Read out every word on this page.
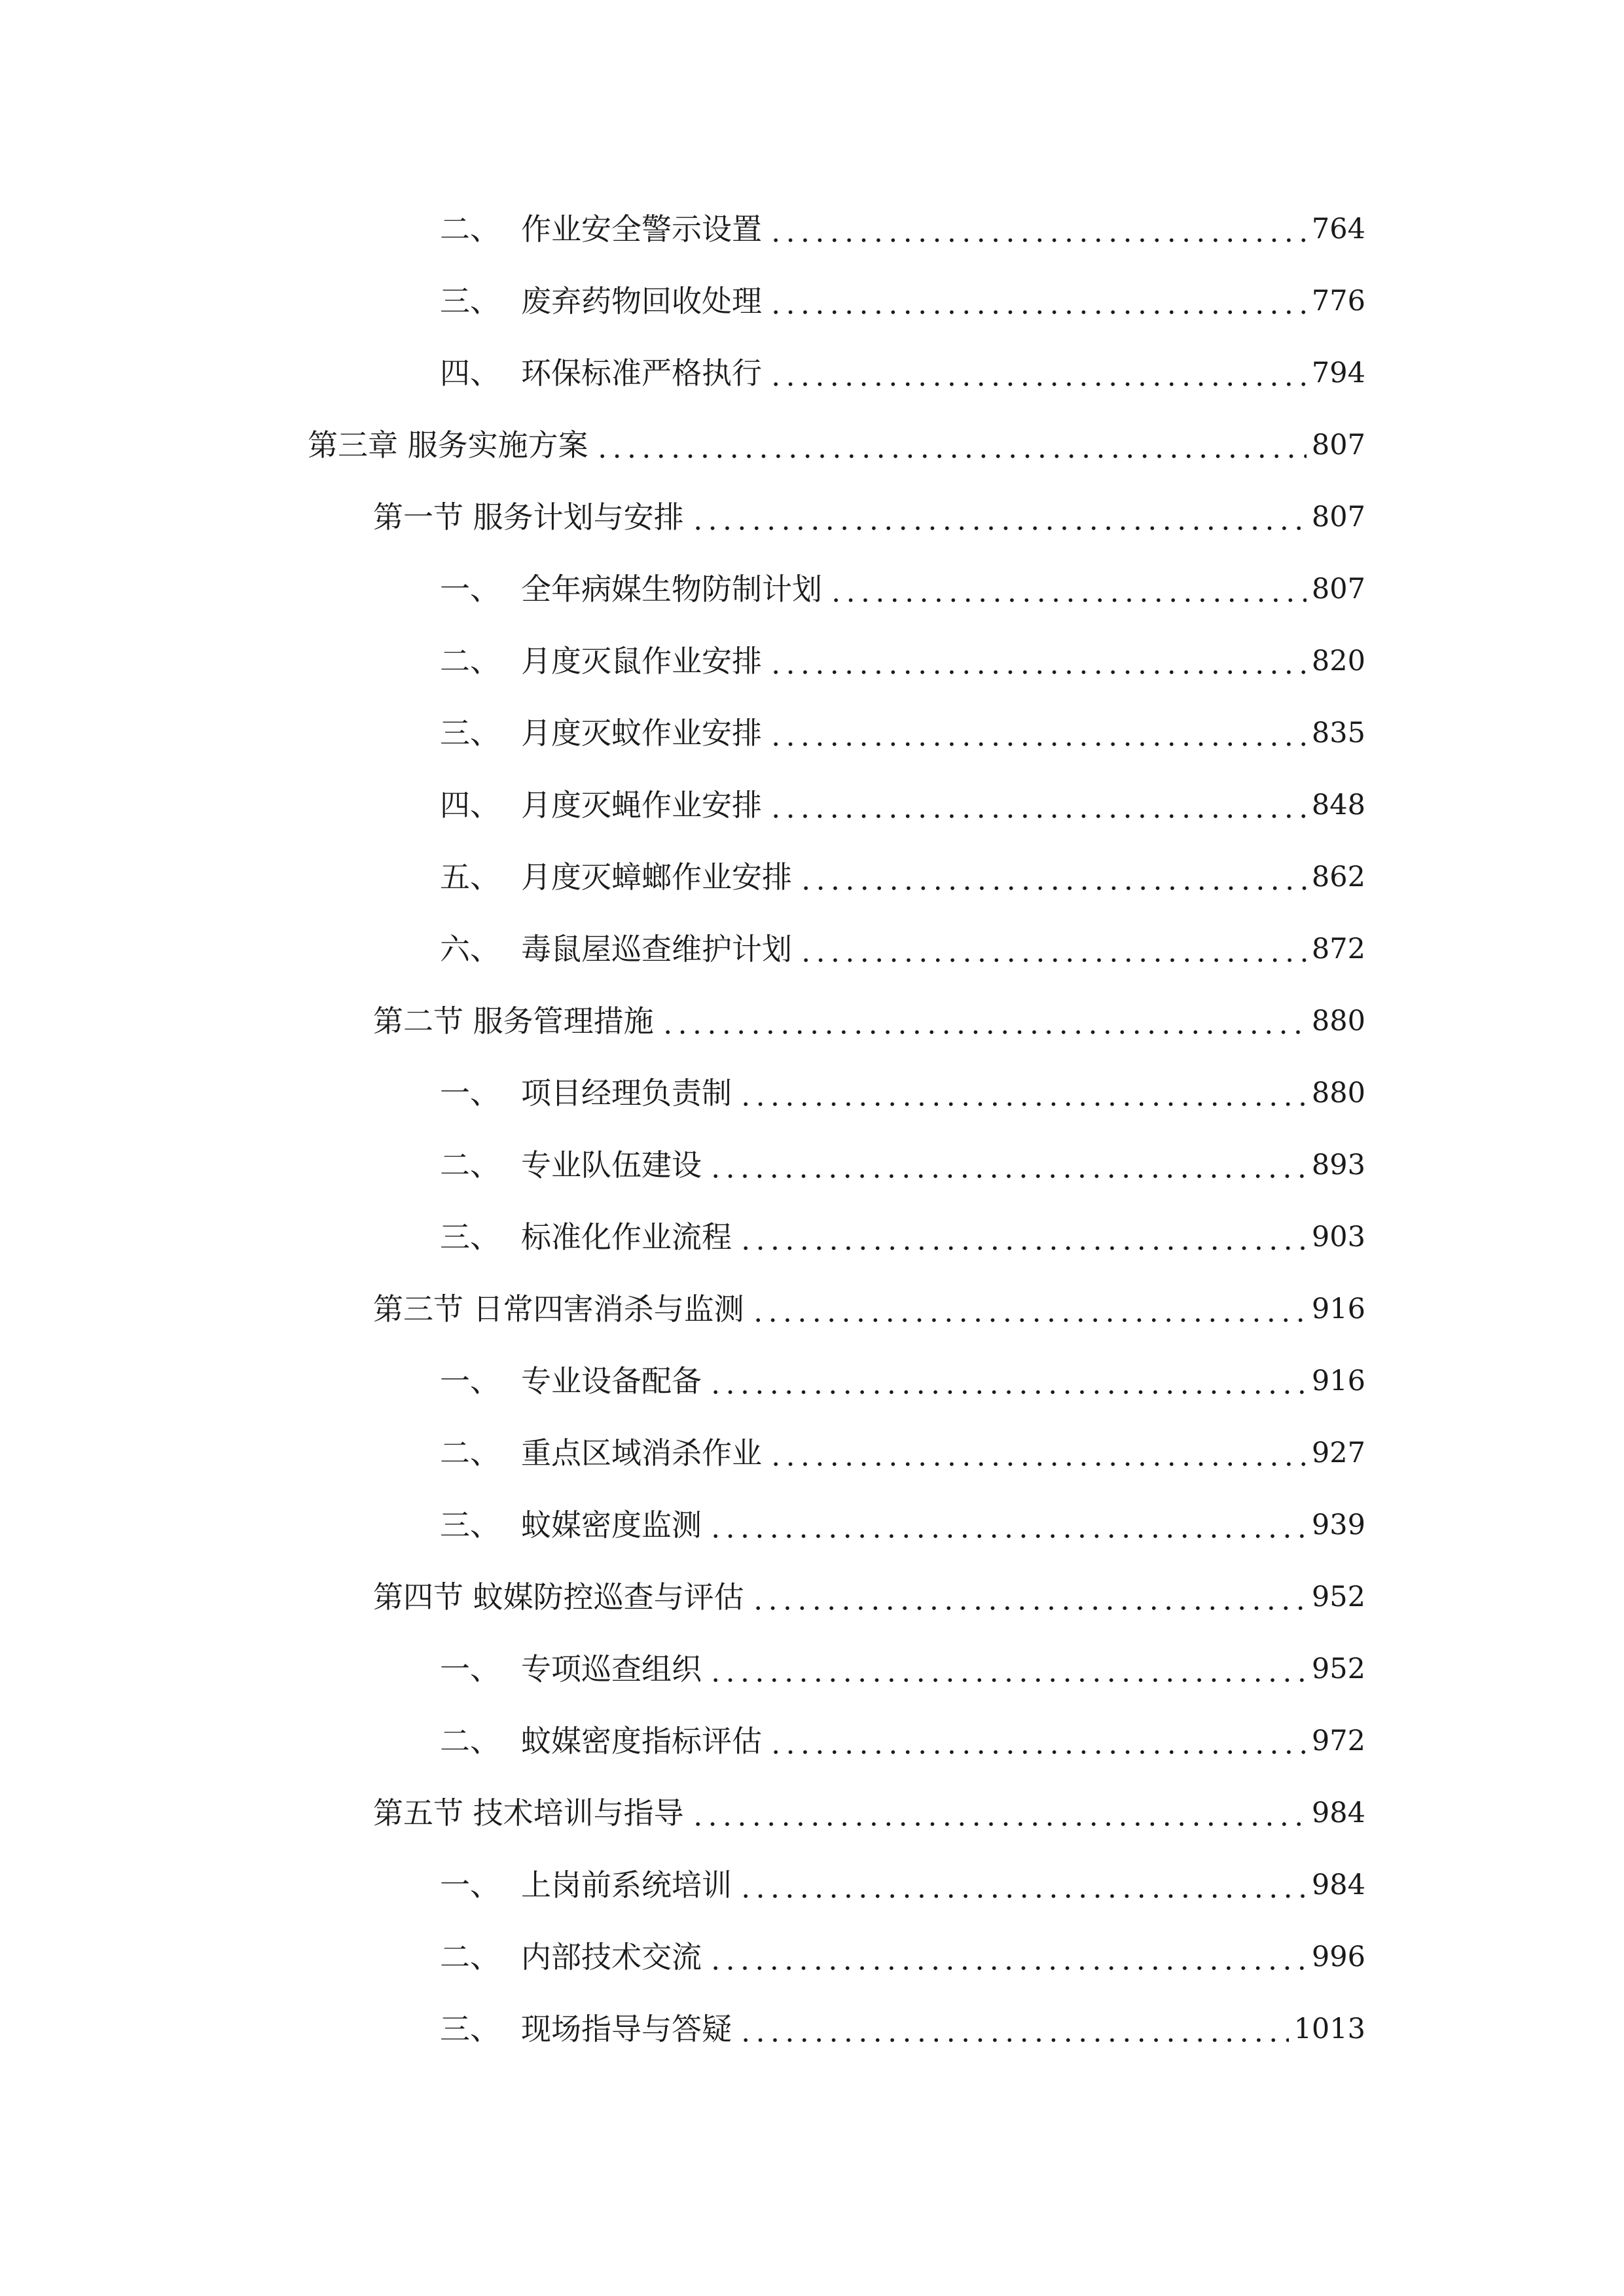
二、 作业安全警示设置	764
三、 废弃药物回收处理	776
四、 环保标准严格执行	794
第三章 服务实施方案	807
第一节 服务计划与安排	807
一、 全年病媒生物防制计划	807
二、 月度灭鼠作业安排	820
三、 月度灭蚊作业安排	835
四、 月度灭蝇作业安排	848
五、 月度灭蟑螂作业安排	862
六、 毒鼠屋巡查维护计划	872
第二节 服务管理措施	880
一、 项目经理负责制	880
二、 专业队伍建设	893
三、 标准化作业流程	903
第三节 日常四害消杀与监测	916
一、 专业设备配备	916
二、 重点区域消杀作业	927
三、 蚊媒密度监测	939
第四节 蚊媒防控巡查与评估	952
一、 专项巡查组织	952
二、 蚊媒密度指标评估	972
第五节 技术培训与指导	984
一、 上岗前系统培训	984
二、 内部技术交流	996
三、 现场指导与答疑	1013
